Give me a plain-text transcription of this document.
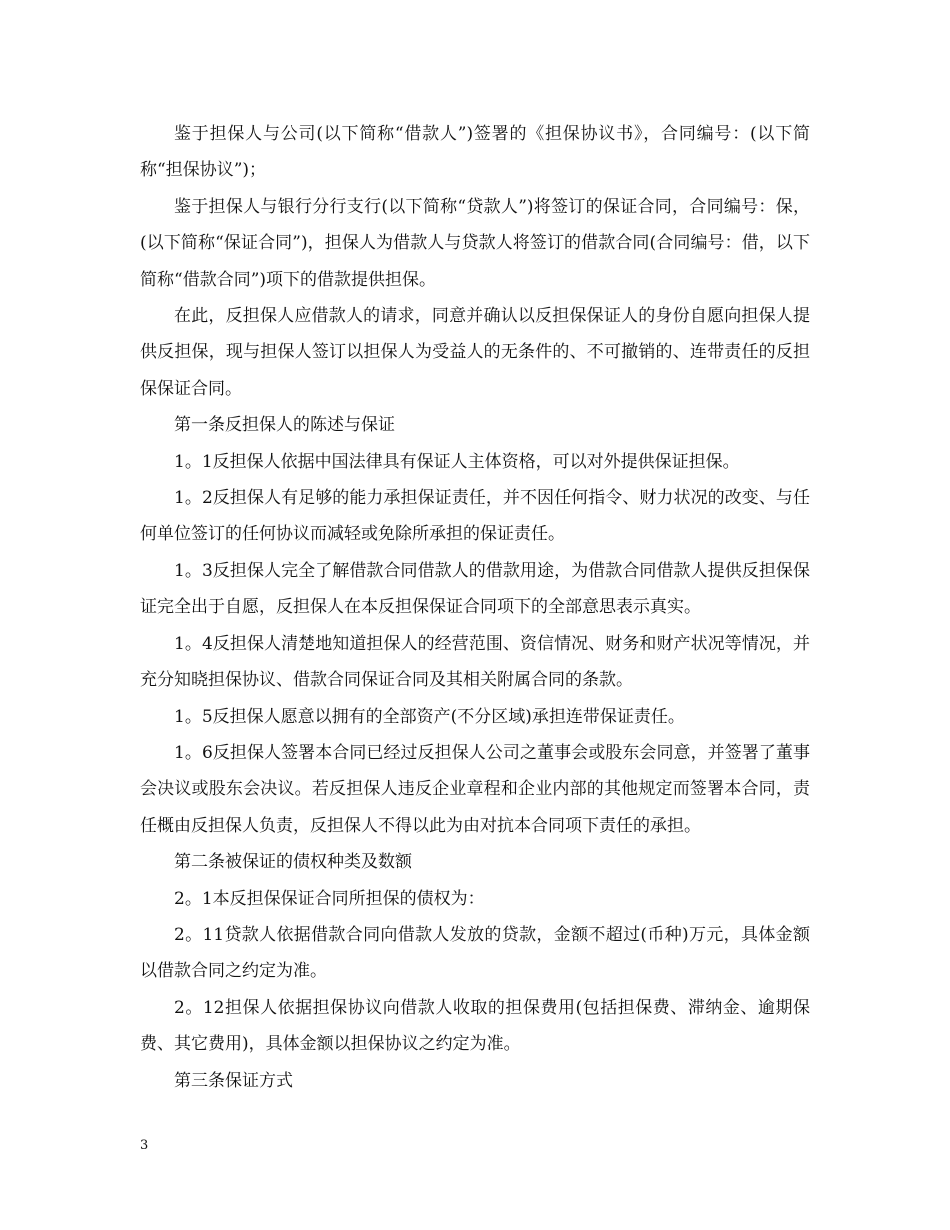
鉴于担保人与公司(以下简称“借款人”)签署的《担保协议书》，合同编号：(以下简称“担保协议”)；

鉴于担保人与银行分行支行(以下简称“贷款人”)将签订的保证合同，合同编号：保，(以下简称“保证合同”)，担保人为借款人与贷款人将签订的借款合同(合同编号：借，以下简称“借款合同”)项下的借款提供担保。

在此，反担保人应借款人的请求，同意并确认以反担保保证人的身份自愿向担保人提供反担保，现与担保人签订以担保人为受益人的无条件的、不可撤销的、连带责任的反担保保证合同。

第一条反担保人的陈述与保证

1。1反担保人依据中国法律具有保证人主体资格，可以对外提供保证担保。

1。2反担保人有足够的能力承担保证责任，并不因任何指令、财力状况的改变、与任何单位签订的任何协议而减轻或免除所承担的保证责任。

1。3反担保人完全了解借款合同借款人的借款用途，为借款合同借款人提供反担保保证完全出于自愿，反担保人在本反担保保证合同项下的全部意思表示真实。

1。4反担保人清楚地知道担保人的经营范围、资信情况、财务和财产状况等情况，并充分知晓担保协议、借款合同保证合同及其相关附属合同的条款。

1。5反担保人愿意以拥有的全部资产(不分区域)承担连带保证责任。

1。6反担保人签署本合同已经过反担保人公司之董事会或股东会同意，并签署了董事会决议或股东会决议。若反担保人违反企业章程和企业内部的其他规定而签署本合同，责任概由反担保人负责，反担保人不得以此为由对抗本合同项下责任的承担。

第二条被保证的债权种类及数额

2。1本反担保保证合同所担保的债权为：

2。11贷款人依据借款合同向借款人发放的贷款，金额不超过(币种)万元，具体金额以借款合同之约定为准。

2。12担保人依据担保协议向借款人收取的担保费用(包括担保费、滞纳金、逾期保费、其它费用)，具体金额以担保协议之约定为准。

第三条保证方式

3
